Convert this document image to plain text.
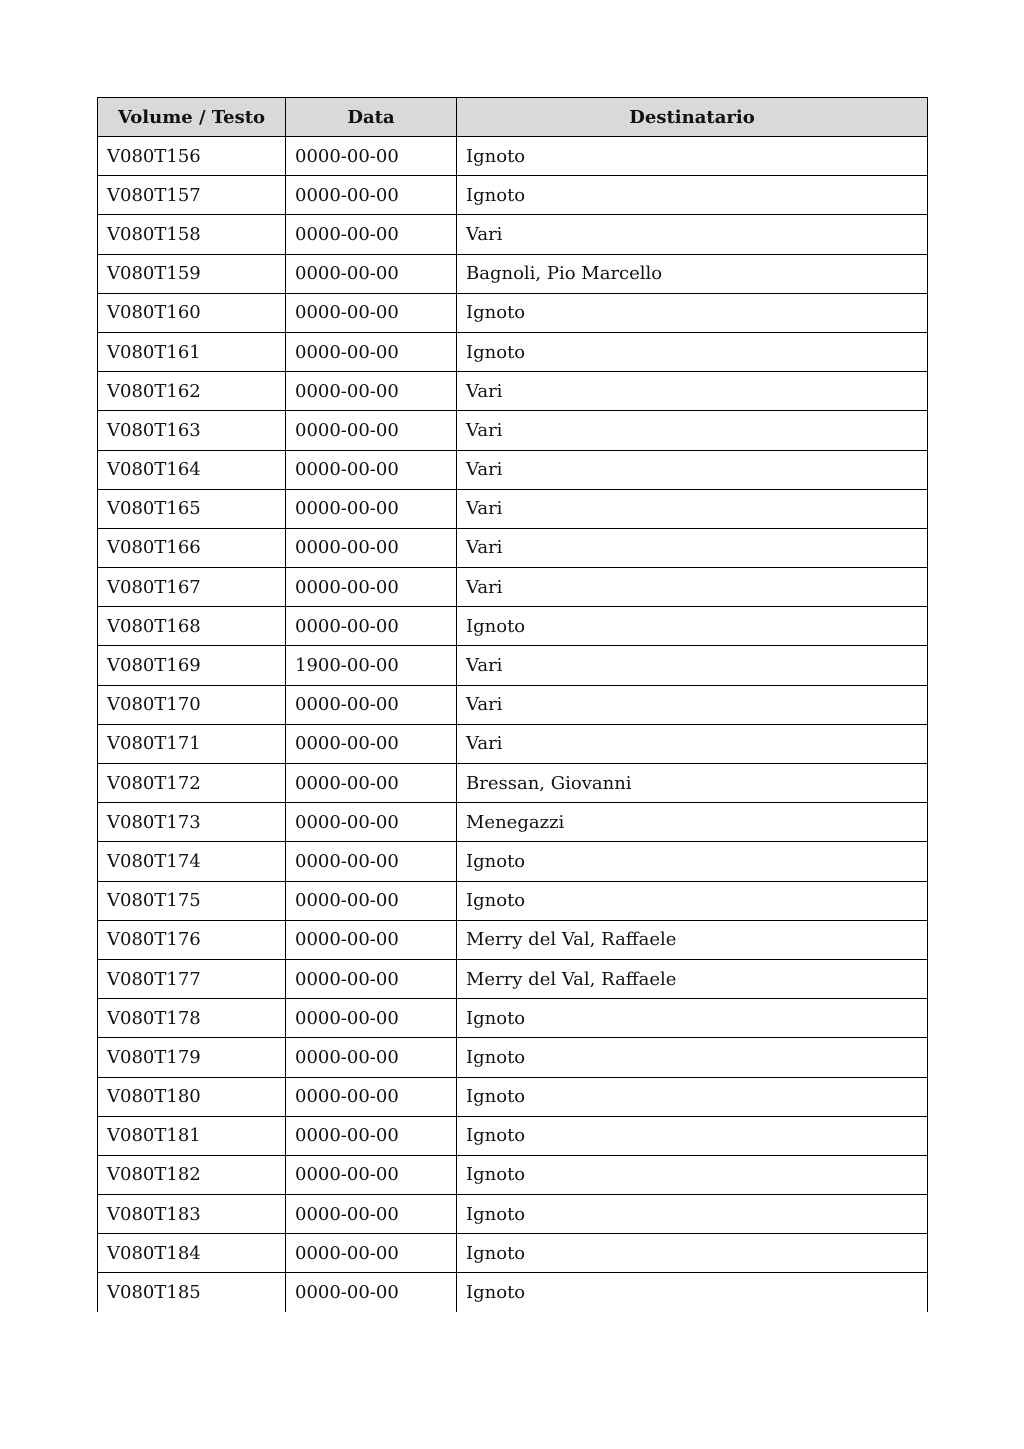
Volume / Testo	Data	Destinatario
V080T156	0000-00-00	Ignoto
V080T157	0000-00-00	Ignoto
V080T158	0000-00-00	Vari
V080T159	0000-00-00	Bagnoli, Pio Marcello
V080T160	0000-00-00	Ignoto
V080T161	0000-00-00	Ignoto
V080T162	0000-00-00	Vari
V080T163	0000-00-00	Vari
V080T164	0000-00-00	Vari
V080T165	0000-00-00	Vari
V080T166	0000-00-00	Vari
V080T167	0000-00-00	Vari
V080T168	0000-00-00	Ignoto
V080T169	1900-00-00	Vari
V080T170	0000-00-00	Vari
V080T171	0000-00-00	Vari
V080T172	0000-00-00	Bressan, Giovanni
V080T173	0000-00-00	Menegazzi
V080T174	0000-00-00	Ignoto
V080T175	0000-00-00	Ignoto
V080T176	0000-00-00	Merry del Val, Raffaele
V080T177	0000-00-00	Merry del Val, Raffaele
V080T178	0000-00-00	Ignoto
V080T179	0000-00-00	Ignoto
V080T180	0000-00-00	Ignoto
V080T181	0000-00-00	Ignoto
V080T182	0000-00-00	Ignoto
V080T183	0000-00-00	Ignoto
V080T184	0000-00-00	Ignoto
V080T185	0000-00-00	Ignoto
